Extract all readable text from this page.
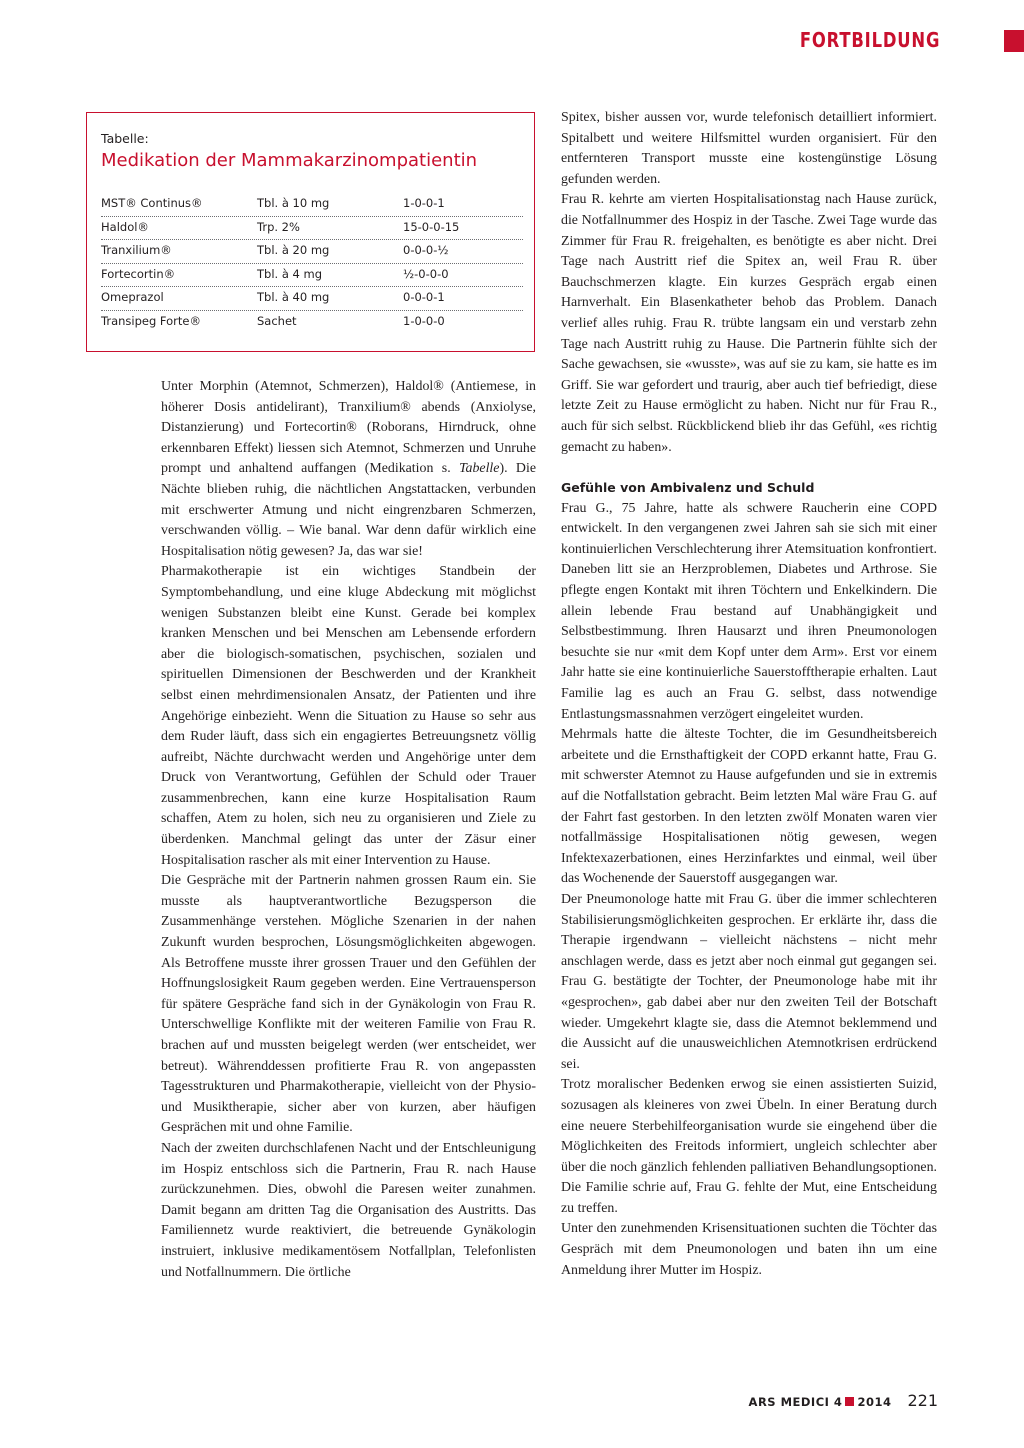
FORTBILDUNG
Tabelle:
Medikation der Mammakarzinompatientin
MST® Continus®	Tbl. à 10 mg	1-0-0-1
Haldol®	Trp. 2%	15-0-0-15
Tranxilium®	Tbl. à 20 mg	0-0-0-½
Fortecortin®	Tbl. à 4 mg	½-0-0-0
Omeprazol	Tbl. à 40 mg	0-0-0-1
Transipeg Forte®	Sachet	1-0-0-0

Unter Morphin (Atemnot, Schmerzen), Haldol® (Antiemese, in höherer Dosis antidelirant), Tranxilium® abends (Anxiolyse, Distanzierung) und Fortecortin® (Roborans, Hirndruck, ohne erkennbaren Effekt) liessen sich Atemnot, Schmerzen und Unruhe prompt und anhaltend auffangen (Medikation s. Tabelle). Die Nächte blieben ruhig, die nächtlichen Angstattacken, verbunden mit erschwerter Atmung und nicht eingrenzbaren Schmerzen, verschwanden völlig. – Wie banal. War denn dafür wirklich eine Hospitalisation nötig gewesen? Ja, das war sie!

Pharmakotherapie ist ein wichtiges Standbein der Symptombehandlung, und eine kluge Abdeckung mit möglichst wenigen Substanzen bleibt eine Kunst. Gerade bei komplex kranken Menschen und bei Menschen am Lebensende erfordern aber die biologisch-somatischen, psychischen, sozialen und spirituellen Dimensionen der Beschwerden und der Krankheit selbst einen mehrdimensionalen Ansatz, der Patienten und ihre Angehörige einbezieht. Wenn die Situation zu Hause so sehr aus dem Ruder läuft, dass sich ein engagiertes Betreuungsnetz völlig aufreibt, Nächte durchwacht werden und Angehörige unter dem Druck von Verantwortung, Gefühlen der Schuld oder Trauer zusammenbrechen, kann eine kurze Hospitalisation Raum schaffen, Atem zu holen, sich neu zu organisieren und Ziele zu überdenken. Manchmal gelingt das unter der Zäsur einer Hospitalisation rascher als mit einer Intervention zu Hause.

Die Gespräche mit der Partnerin nahmen grossen Raum ein. Sie musste als hauptverantwortliche Bezugsperson die Zusammenhänge verstehen. Mögliche Szenarien in der nahen Zukunft wurden besprochen, Lösungsmöglichkeiten abgewogen. Als Betroffene musste ihrer grossen Trauer und den Gefühlen der Hoffnungslosigkeit Raum gegeben werden. Eine Vertrauensperson für spätere Gespräche fand sich in der Gynäkologin von Frau R. Unterschwellige Konflikte mit der weiteren Familie von Frau R. brachen auf und mussten beigelegt werden (wer entscheidet, wer betreut). Währenddessen profitierte Frau R. von angepassten Tagesstrukturen und Pharmakotherapie, vielleicht von der Physio- und Musiktherapie, sicher aber von kurzen, aber häufigen Gesprächen mit und ohne Familie.

Nach der zweiten durchschlafenen Nacht und der Entschleunigung im Hospiz entschloss sich die Partnerin, Frau R. nach Hause zurückzunehmen. Dies, obwohl die Paresen weiter zunahmen. Damit begann am dritten Tag die Organisation des Austritts. Das Familiennetz wurde reaktiviert, die betreuende Gynäkologin instruiert, inklusive medikamentösem Notfallplan, Telefonlisten und Notfallnummern. Die örtliche

Spitex, bisher aussen vor, wurde telefonisch detailliert informiert. Spitalbett und weitere Hilfsmittel wurden organisiert. Für den entfernteren Transport musste eine kostengünstige Lösung gefunden werden.

Frau R. kehrte am vierten Hospitalisationstag nach Hause zurück, die Notfallnummer des Hospiz in der Tasche. Zwei Tage wurde das Zimmer für Frau R. freigehalten, es benötigte es aber nicht. Drei Tage nach Austritt rief die Spitex an, weil Frau R. über Bauchschmerzen klagte. Ein kurzes Gespräch ergab einen Harnverhalt. Ein Blasenkatheter behob das Problem. Danach verlief alles ruhig. Frau R. trübte langsam ein und verstarb zehn Tage nach Austritt ruhig zu Hause. Die Partnerin fühlte sich der Sache gewachsen, sie «wusste», was auf sie zu kam, sie hatte es im Griff. Sie war gefordert und traurig, aber auch tief befriedigt, diese letzte Zeit zu Hause ermöglicht zu haben. Nicht nur für Frau R., auch für sich selbst. Rückblickend blieb ihr das Gefühl, «es richtig gemacht zu haben».

Gefühle von Ambivalenz und Schuld

Frau G., 75 Jahre, hatte als schwere Raucherin eine COPD entwickelt. In den vergangenen zwei Jahren sah sie sich mit einer kontinuierlichen Verschlechterung ihrer Atemsituation konfrontiert. Daneben litt sie an Herzproblemen, Diabetes und Arthrose. Sie pflegte engen Kontakt mit ihren Töchtern und Enkelkindern. Die allein lebende Frau bestand auf Unabhängigkeit und Selbstbestimmung. Ihren Hausarzt und ihren Pneumonologen besuchte sie nur «mit dem Kopf unter dem Arm». Erst vor einem Jahr hatte sie eine kontinuierliche Sauerstofftherapie erhalten. Laut Familie lag es auch an Frau G. selbst, dass notwendige Entlastungsmassnahmen verzögert eingeleitet wurden.

Mehrmals hatte die älteste Tochter, die im Gesundheitsbereich arbeitete und die Ernsthaftigkeit der COPD erkannt hatte, Frau G. mit schwerster Atemnot zu Hause aufgefunden und sie in extremis auf die Notfallstation gebracht. Beim letzten Mal wäre Frau G. auf der Fahrt fast gestorben. In den letzten zwölf Monaten waren vier notfallmässige Hospitalisationen nötig gewesen, wegen Infektexazerbationen, eines Herzinfarktes und einmal, weil über das Wochenende der Sauerstoff ausgegangen war.

Der Pneumonologe hatte mit Frau G. über die immer schlechteren Stabilisierungsmöglichkeiten gesprochen. Er erklärte ihr, dass die Therapie irgendwann – vielleicht nächstens – nicht mehr anschlagen werde, dass es jetzt aber noch einmal gut gegangen sei. Frau G. bestätigte der Tochter, der Pneumonologe habe mit ihr «gesprochen», gab dabei aber nur den zweiten Teil der Botschaft wieder. Umgekehrt klagte sie, dass die Atemnot beklemmend und die Aussicht auf die unausweichlichen Atemnotkrisen erdrückend sei.

Trotz moralischer Bedenken erwog sie einen assistierten Suizid, sozusagen als kleineres von zwei Übeln. In einer Beratung durch eine neuere Sterbehilfeorganisation wurde sie eingehend über die Möglichkeiten des Freitods informiert, ungleich schlechter aber über die noch gänzlich fehlenden palliativen Behandlungsoptionen. Die Familie schrie auf, Frau G. fehlte der Mut, eine Entscheidung zu treffen.

Unter den zunehmenden Krisensituationen suchten die Töchter das Gespräch mit dem Pneumonologen und baten ihn um eine Anmeldung ihrer Mutter im Hospiz.

ARS MEDICI 4 2014 221
